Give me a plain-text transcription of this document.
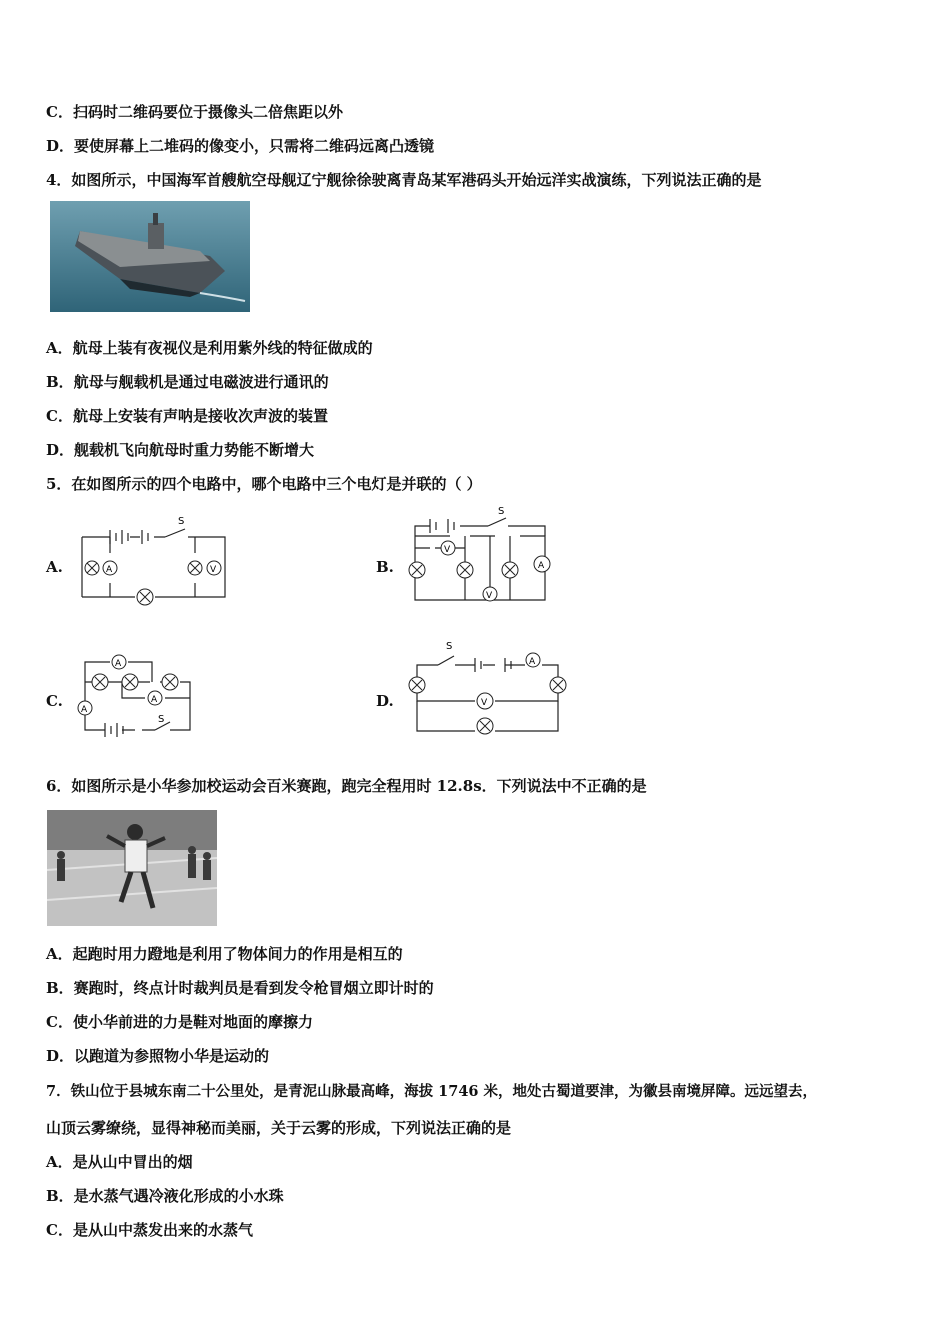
C．扫码时二维码要位于摄像头二倍焦距以外
D．要使屏幕上二堆码的像变小，只需将二维码远离凸透镜
4．如图所示，中国海军首艘航空母舰辽宁舰徐徐驶离青岛某军港码头开始远洋实战演练，下列说法正确的是
A．航母上装有夜视仪是利用紫外线的特征做成的
B．航母与舰载机是通过电磁波进行通讯的
C．航母上安装有声呐是接收次声波的装置
D．舰载机飞向航母时重力势能不断增大
5．在如图所示的四个电路中，哪个电路中三个电灯是并联的（ ）
A.	B.
C.	D.
S
A	V
S
V
A
V
S
A
A
A
S
A
V
6．如图所示是小华参加校运动会百米赛跑，跑完全程用时 12.8s．下列说法中不正确的是
A．起跑时用力蹬地是利用了物体间力的作用是相互的
B．赛跑时，终点计时裁判员是看到发令枪冒烟立即计时的
C．使小华前进的力是鞋对地面的摩擦力
D．以跑道为参照物小华是运动的
7．铁山位于县城东南二十公里处，是青泥山脉最高峰，海拔 1746 米，地处古蜀道要津，为徽县南境屏障。远远望去，
山顶云雾缭绕，显得神秘而美丽，关于云雾的形成，下列说法正确的是
A．是从山中冒出的烟
B．是水蒸气遇冷液化形成的小水珠
C．是从山中蒸发出来的水蒸气
